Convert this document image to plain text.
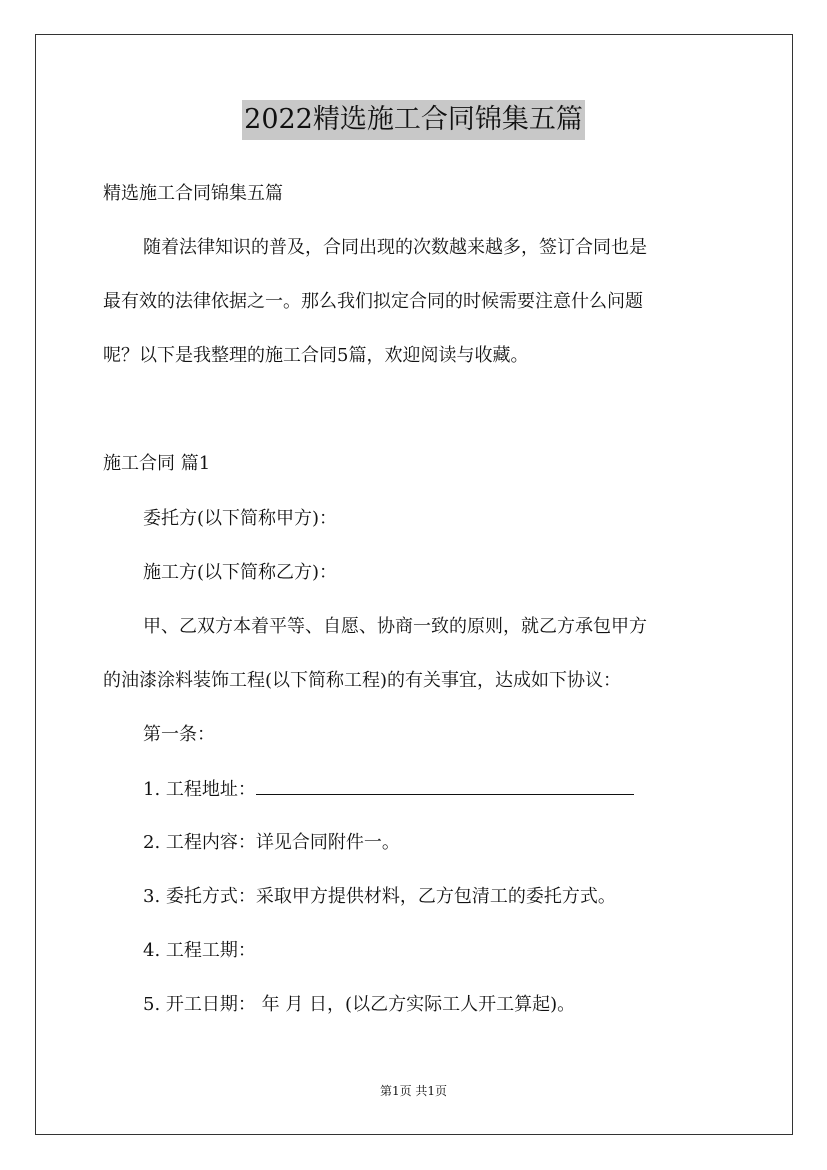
2022精选施工合同锦集五篇
精选施工合同锦集五篇
随着法律知识的普及，合同出现的次数越来越多，签订合同也是
最有效的法律依据之一。那么我们拟定合同的时候需要注意什么问题
呢？以下是我整理的施工合同5篇，欢迎阅读与收藏。
施工合同 篇1
委托方(以下简称甲方)：
施工方(以下简称乙方)：
甲、乙双方本着平等、自愿、协商一致的原则，就乙方承包甲方
的油漆涂料装饰工程(以下简称工程)的有关事宜，达成如下协议：
第一条：
1. 工程地址：
2. 工程内容：详见合同附件一。
3. 委托方式：采取甲方提供材料，乙方包清工的委托方式。
4. 工程工期：
5. 开工日期： 年 月 日，(以乙方实际工人开工算起)。
第1页 共1页
